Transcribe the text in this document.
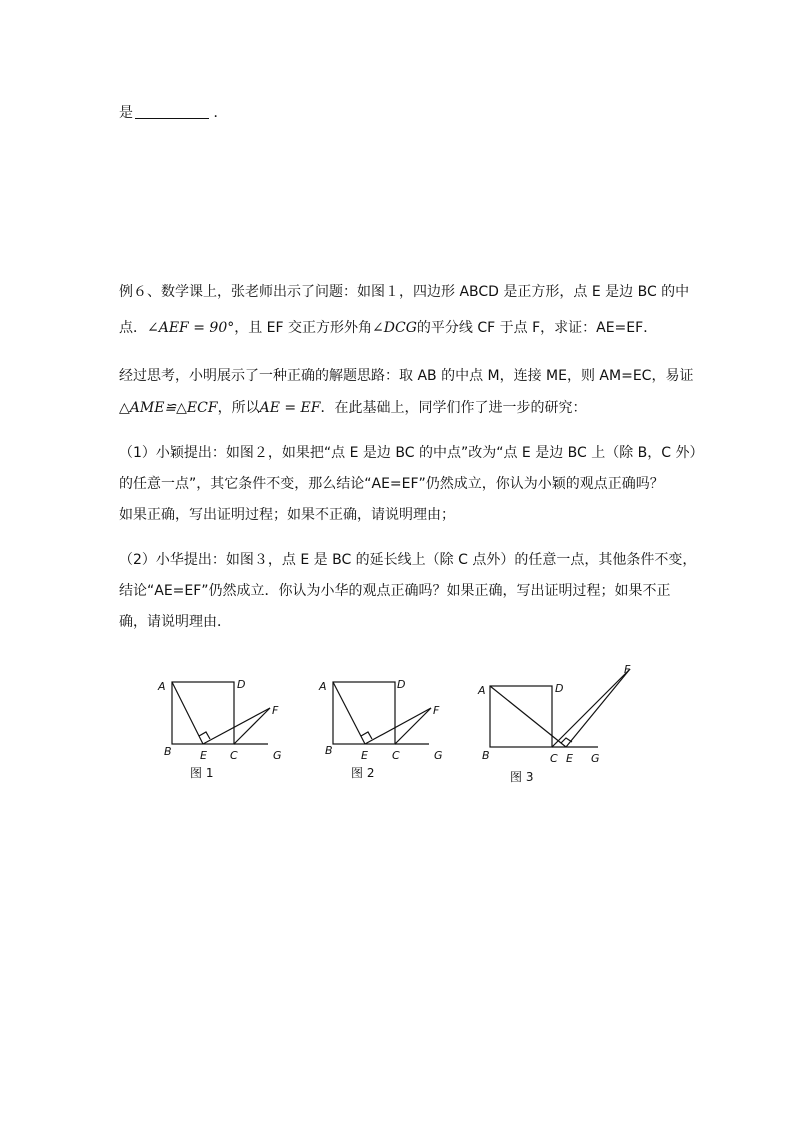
是	．
例６、数学课上，张老师出示了问题：如图１，四边形 ABCD 是正方形，点 E 是边 BC 的中
点．∠AEF = 90°，且 EF 交正方形外角∠DCG的平分线 CF 于点 F，求证：AE=EF．
经过思考，小明展示了一种正确的解题思路：取 AB 的中点 M，连接 ME，则 AM=EC，易证
△AME≌△ECF，所以AE = EF．在此基础上，同学们作了进一步的研究：
（1）小颖提出：如图２，如果把“点 E 是边 BC 的中点”改为“点 E 是边 BC 上（除 B，C 外）
的任意一点”，其它条件不变，那么结论“AE=EF”仍然成立，你认为小颖的观点正确吗？
如果正确，写出证明过程；如果不正确，请说明理由；
（2）小华提出：如图３，点 E 是 BC 的延长线上（除 C 点外）的任意一点，其他条件不变，
结论“AE=EF”仍然成立．你认为小华的观点正确吗？如果正确，写出证明过程；如果不正
确，请说明理由．
A	D
F
B	E C	G
图 1
A	D
F
B	E C	G
图 2
A	D
F
B	C E G
图 3
